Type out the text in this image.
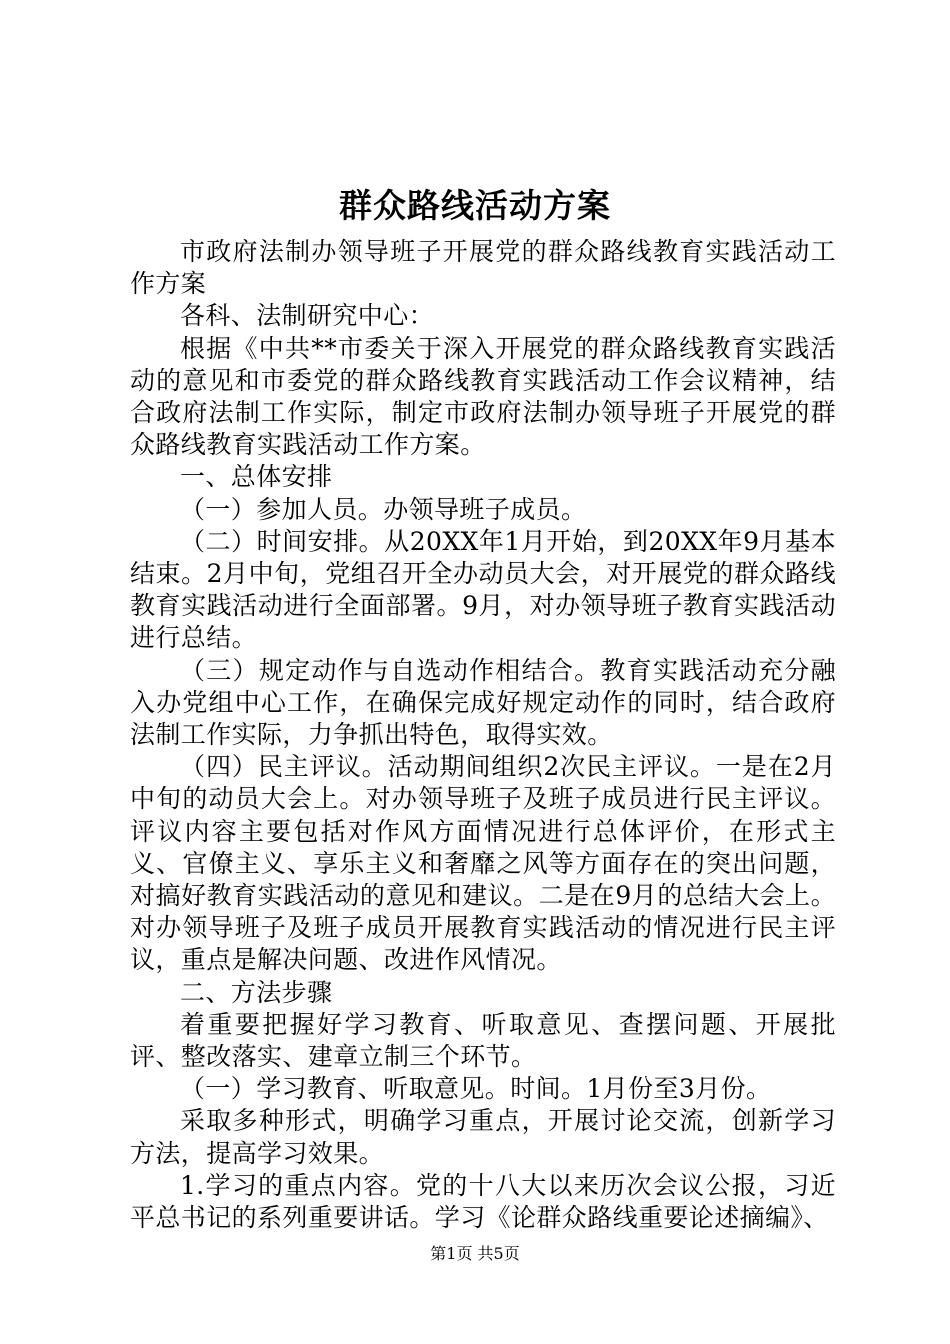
群众路线活动方案

市政府法制办领导班子开展党的群众路线教育实践活动工作方案

各科、法制研究中心：

根据《中共**市委关于深入开展党的群众路线教育实践活动的意见和市委党的群众路线教育实践活动工作会议精神，结合政府法制工作实际，制定市政府法制办领导班子开展党的群众路线教育实践活动工作方案。

一、总体安排

（一）参加人员。办领导班子成员。

（二）时间安排。从20XX年1月开始，到20XX年9月基本结束。2月中旬，党组召开全办动员大会，对开展党的群众路线教育实践活动进行全面部署。9月，对办领导班子教育实践活动进行总结。

（三）规定动作与自选动作相结合。教育实践活动充分融入办党组中心工作，在确保完成好规定动作的同时，结合政府法制工作实际，力争抓出特色，取得实效。

（四）民主评议。活动期间组织2次民主评议。一是在2月中旬的动员大会上。对办领导班子及班子成员进行民主评议。评议内容主要包括对作风方面情况进行总体评价，在形式主义、官僚主义、享乐主义和奢靡之风等方面存在的突出问题，对搞好教育实践活动的意见和建议。二是在9月的总结大会上。对办领导班子及班子成员开展教育实践活动的情况进行民主评议，重点是解决问题、改进作风情况。

二、方法步骤

着重要把握好学习教育、听取意见、查摆问题、开展批评、整改落实、建章立制三个环节。

（一）学习教育、听取意见。时间。1月份至3月份。

采取多种形式，明确学习重点，开展讨论交流，创新学习方法，提高学习效果。

1.学习的重点内容。党的十八大以来历次会议公报，习近平总书记的系列重要讲话。学习《论群众路线重要论述摘编》、

第1页 共5页
